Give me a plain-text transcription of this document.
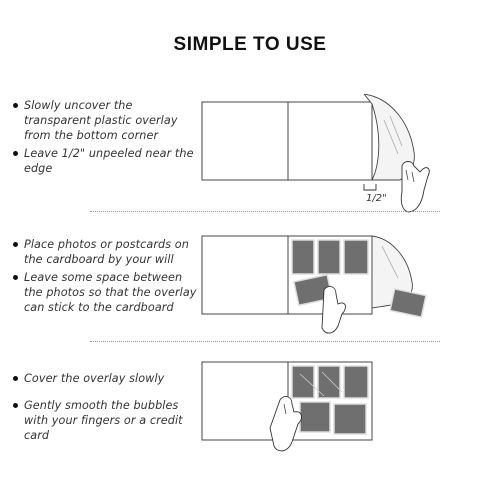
SIMPLE TO USE
Slowly uncover the transparent plastic overlay from the bottom corner
Leave 1/2" unpeeled near the edge
1/2"
Place photos or postcards on the cardboard by your will
Leave some space between the photos so that the overlay can stick to the cardboard
Cover the overlay slowly
Gently smooth the bubbles with your fingers or a credit card
